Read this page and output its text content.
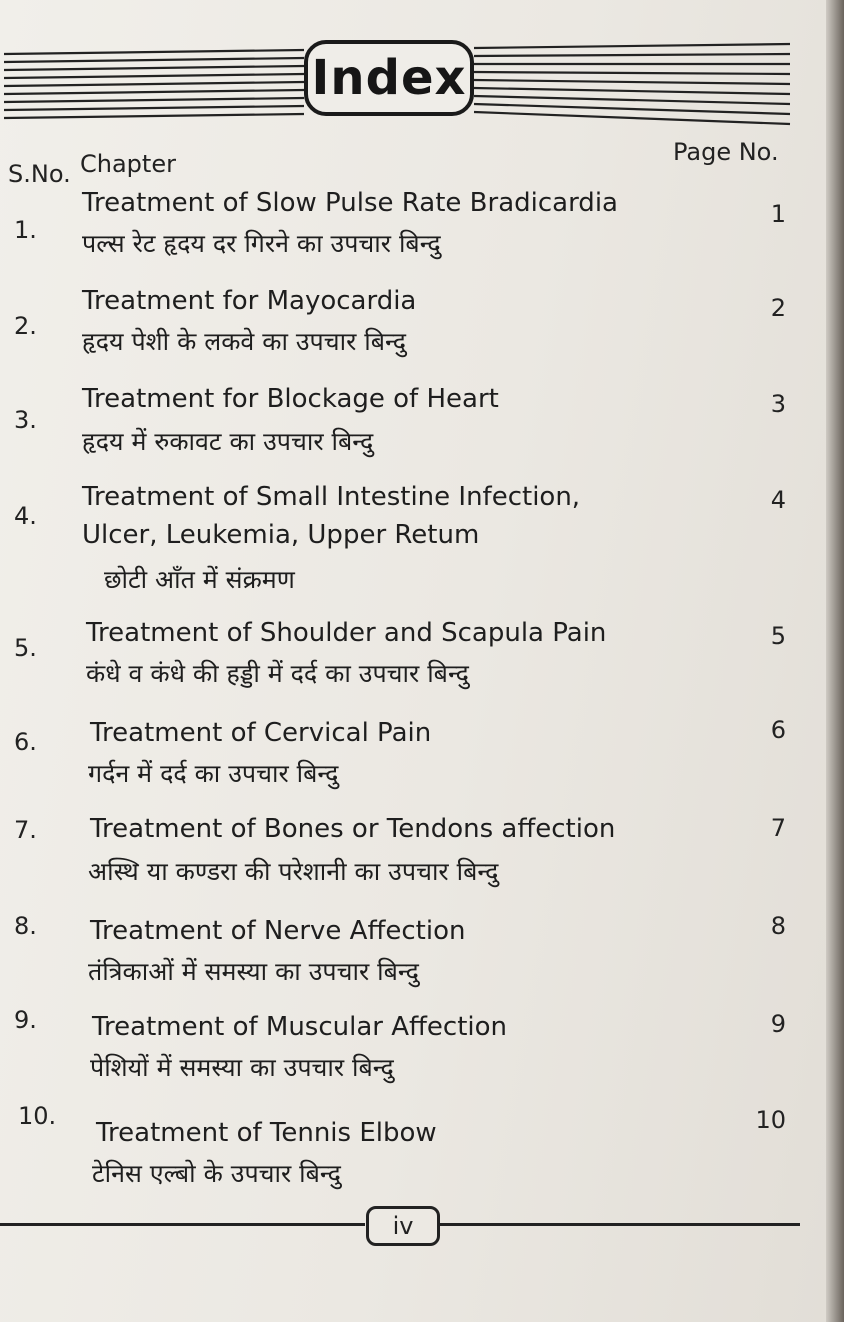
Index
S.No. Chapter	Page No.
1.
Treatment of Slow Pulse Rate Bradicardia
पल्स रेट हृदय दर गिरने का उपचार बिन्दु
1
2.
Treatment for Mayocardia
हृदय पेशी के लकवे का उपचार बिन्दु
2
3.
Treatment for Blockage of Heart
हृदय में रुकावट का उपचार बिन्दु
3
4.
Treatment of Small Intestine Infection,
Ulcer, Leukemia, Upper Retum
छोटी आँत में संक्रमण
4
5. Treatment of Shoulder and Scapula Pain
कंधे व कंधे की हड्डी में दर्द का उपचार बिन्दु
5
6. Treatment of Cervical Pain
गर्दन में दर्द का उपचार बिन्दु
6
7. Treatment of Bones or Tendons affection
अस्थि या कण्डरा की परेशानी का उपचार बिन्दु
7
8. Treatment of Nerve Affection
तंत्रिकाओं में समस्या का उपचार बिन्दु
8
9. Treatment of Muscular Affection
पेशियों में समस्या का उपचार बिन्दु
9
10.
Treatment of Tennis Elbow
टेनिस एल्बो के उपचार बिन्दु
10
iv
